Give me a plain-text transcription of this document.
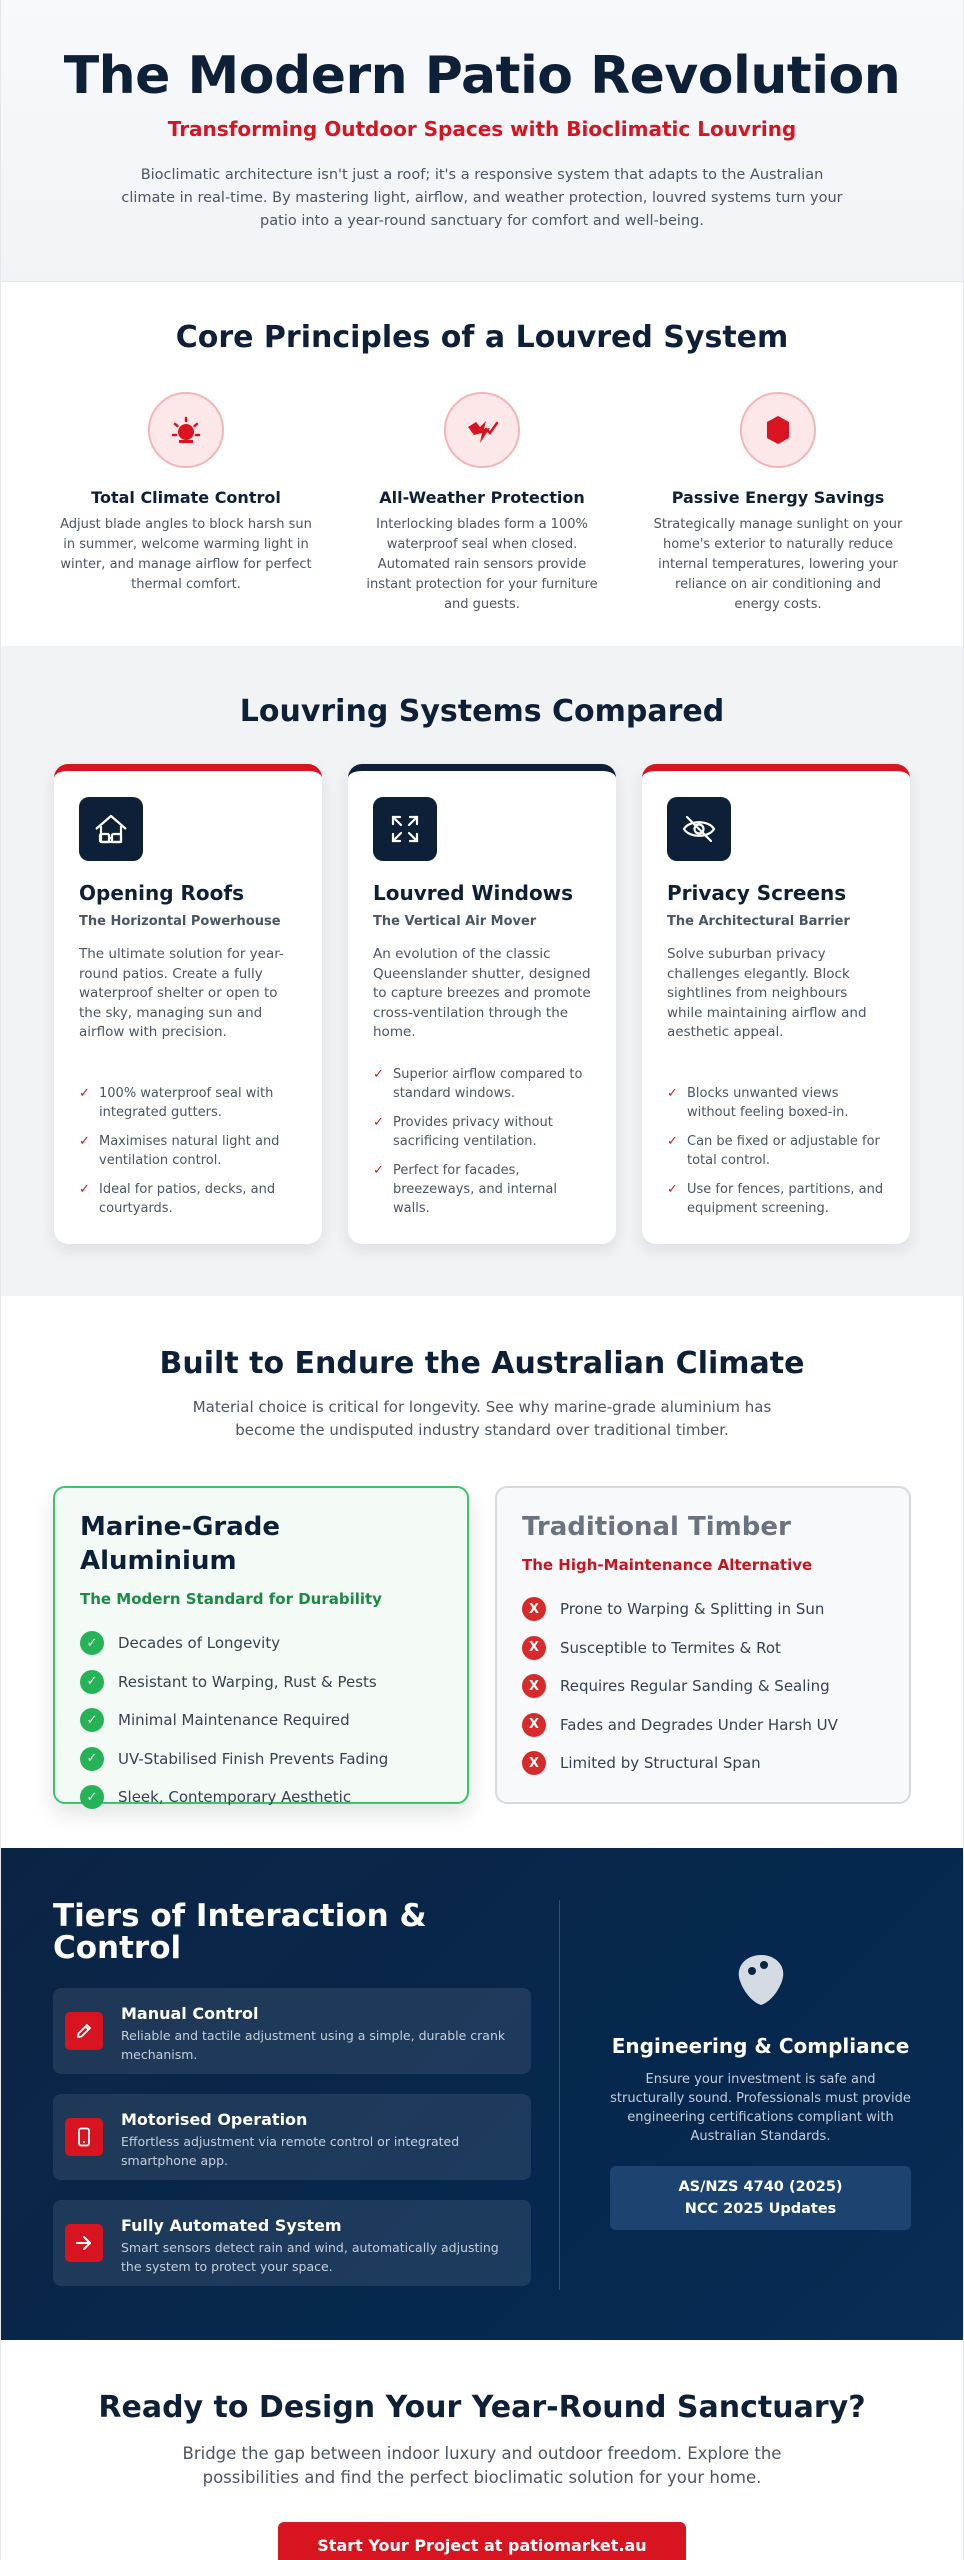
The Modern Patio Revolution
Transforming Outdoor Spaces with Bioclimatic Louvring

Bioclimatic architecture isn't just a roof; it's a responsive system that adapts to the Australian climate in real-time. By mastering light, airflow, and weather protection, louvred systems turn your patio into a year-round sanctuary for comfort and well-being.

Core Principles of a Louvred System
Total Climate Control

Adjust blade angles to block harsh sun in summer, welcome warming light in winter, and manage airflow for perfect thermal comfort.

All-Weather Protection

Interlocking blades form a 100% waterproof seal when closed. Automated rain sensors provide instant protection for your furniture and guests.

Passive Energy Savings

Strategically manage sunlight on your home's exterior to naturally reduce internal temperatures, lowering your reliance on air conditioning and energy costs.

Louvring Systems Compared
Opening Roofs
The Horizontal Powerhouse

The ultimate solution for year-round patios. Create a fully waterproof shelter or open to the sky, managing sun and airflow with precision.

✓ 100% waterproof seal with integrated gutters.
✓ Maximises natural light and ventilation control.
✓ Ideal for patios, decks, and courtyards.
Louvred Windows
The Vertical Air Mover

An evolution of the classic Queenslander shutter, designed to capture breezes and promote cross-ventilation through the home.

✓ Superior airflow compared to standard windows.
✓ Provides privacy without sacrificing ventilation.
✓ Perfect for facades, breezeways, and internal walls.
Privacy Screens
The Architectural Barrier

Solve suburban privacy challenges elegantly. Block sightlines from neighbours while maintaining airflow and aesthetic appeal.

✓ Blocks unwanted views without feeling boxed-in.
✓ Can be fixed or adjustable for total control.
✓ Use for fences, partitions, and equipment screening.
Built to Endure the Australian Climate

Material choice is critical for longevity. See why marine-grade aluminium has become the undisputed industry standard over traditional timber.

Marine-Grade Aluminium
The Modern Standard for Durability
✓	Decades of Longevity
✓	Resistant to Warping, Rust & Pests
✓	Minimal Maintenance Required
✓	UV-Stabilised Finish Prevents Fading
✓	Sleek, Contemporary Aesthetic
Traditional Timber
The High-Maintenance Alternative
X	Prone to Warping & Splitting in Sun
X	Susceptible to Termites & Rot
X	Requires Regular Sanding & Sealing
X	Fades and Degrades Under Harsh UV
X	Limited by Structural Span
Tiers of Interaction & Control
Manual Control

Reliable and tactile adjustment using a simple, durable crank mechanism.

Motorised Operation

Effortless adjustment via remote control or integrated smartphone app.

Fully Automated System

Smart sensors detect rain and wind, automatically adjusting the system to protect your space.

Engineering & Compliance

Ensure your investment is safe and structurally sound. Professionals must provide engineering certifications compliant with Australian Standards.

AS/NZS 4740 (2025)
NCC 2025 Updates
Ready to Design Your Year-Round Sanctuary?

Bridge the gap between indoor luxury and outdoor freedom. Explore the possibilities and find the perfect bioclimatic solution for your home.

Start Your Project at patiomarket.au
